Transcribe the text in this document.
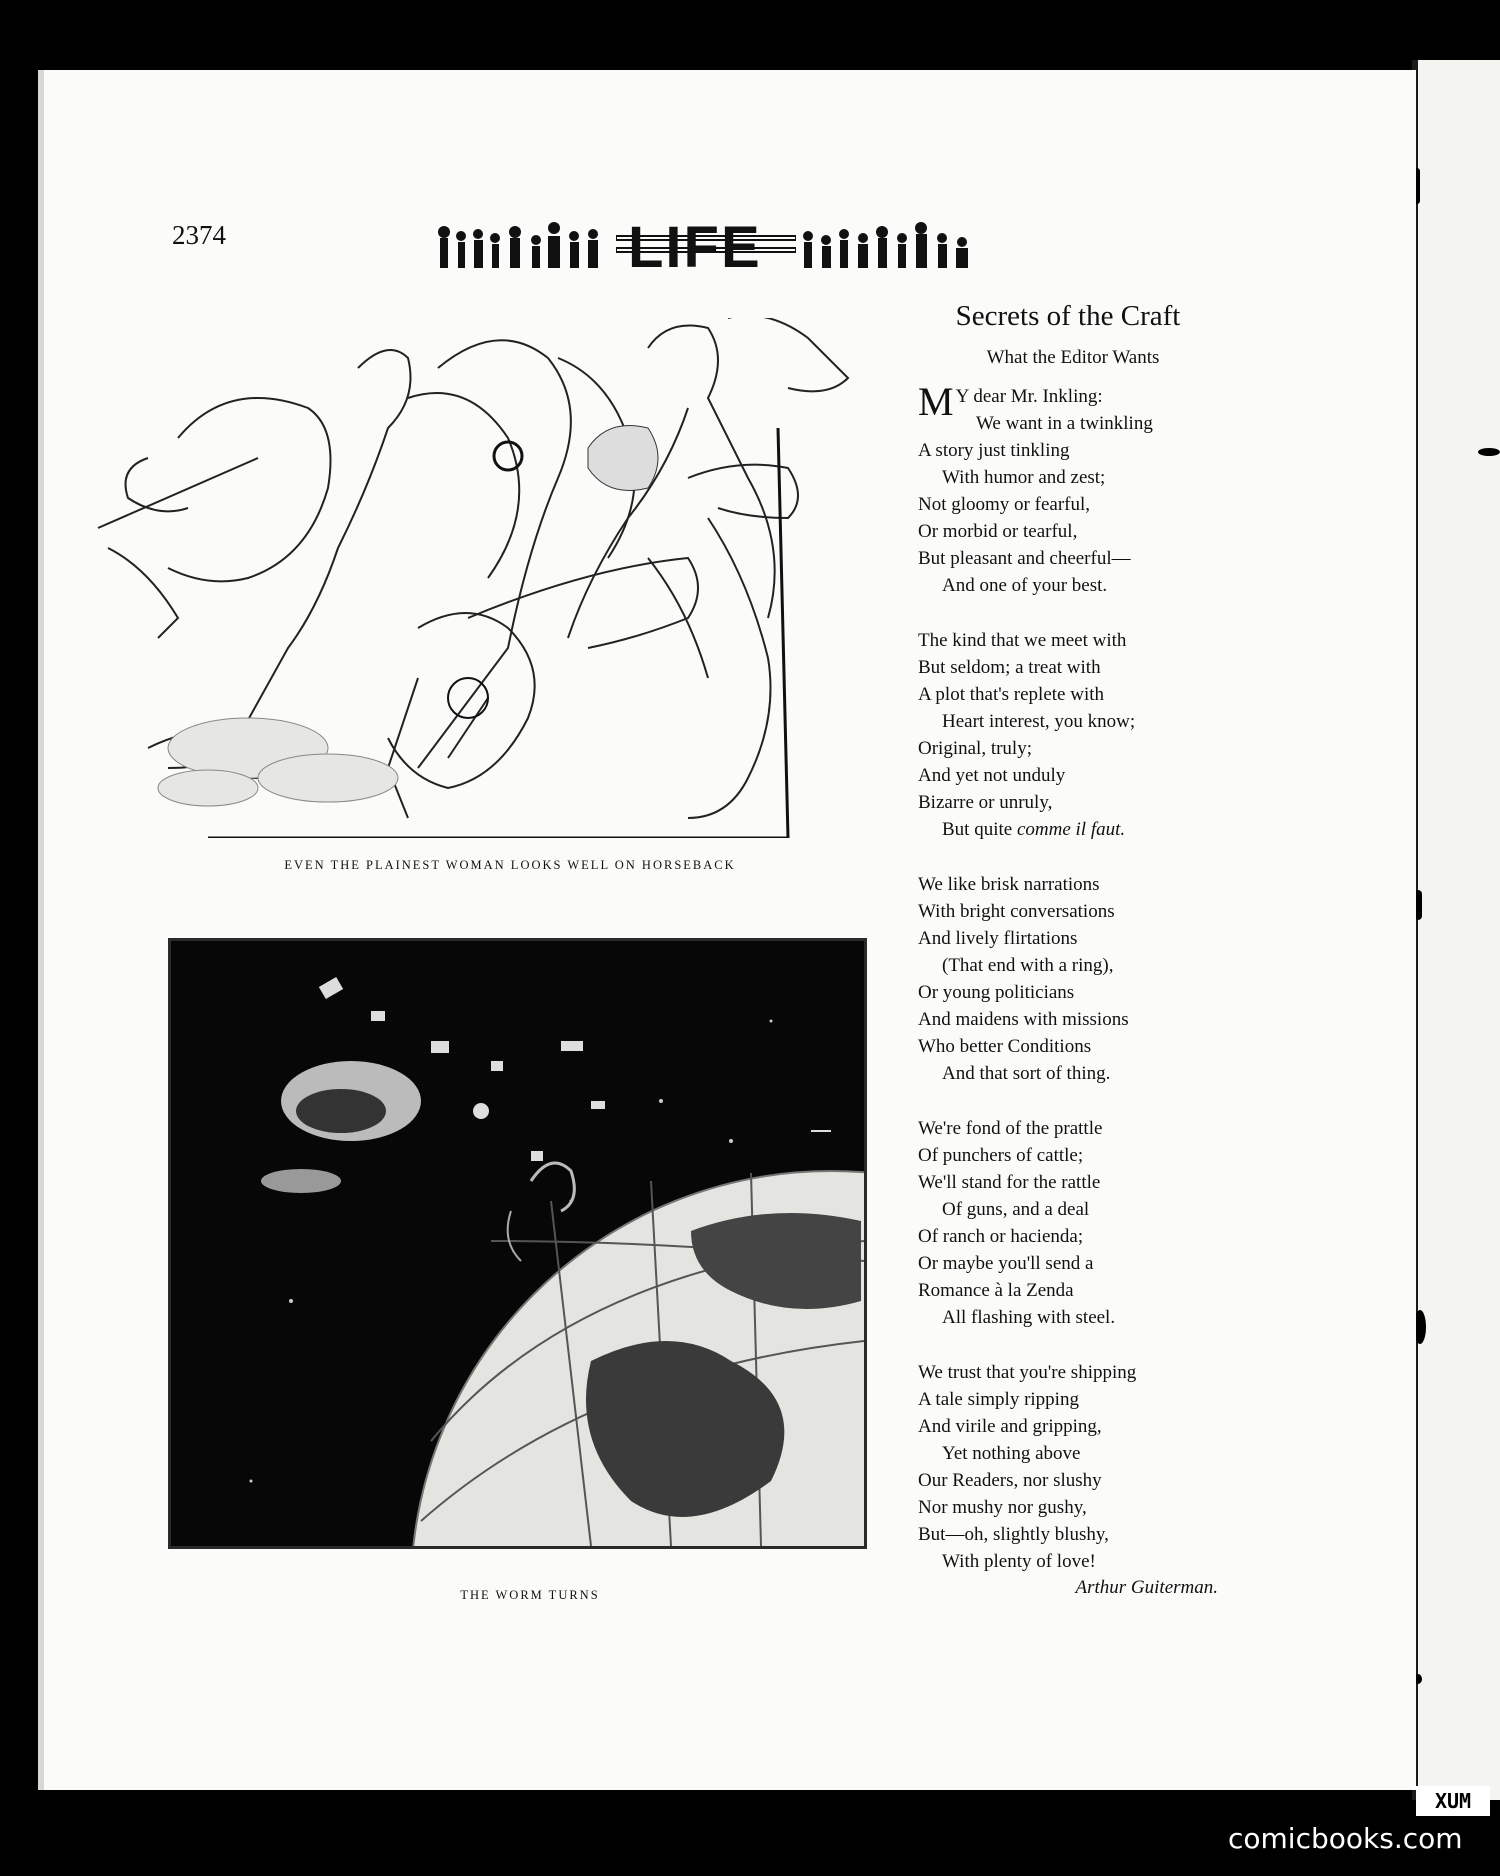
2374	LIFE
EVEN THE PLAINEST WOMAN LOOKS WELL ON HORSEBACK
THE WORM TURNS
Secrets of the Craft
What the Editor Wants
M Y dear Mr. Inkling:
We want in a twinkling
A story just tinkling
With humor and zest;
Not gloomy or fearful,
Or morbid or tearful,
But pleasant and cheerful—
And one of your best.
The kind that we meet with
But seldom; a treat with
A plot that's replete with
Heart interest, you know;
Original, truly;
And yet not unduly
Bizarre or unruly,
But quite comme il faut.
We like brisk narrations
With bright conversations
And lively flirtations
(That end with a ring),
Or young politicians
And maidens with missions
Who better Conditions
And that sort of thing.
We're fond of the prattle
Of punchers of cattle;
We'll stand for the rattle
Of guns, and a deal
Of ranch or hacienda;
Or maybe you'll send a
Romance à la Zenda
All flashing with steel.
We trust that you're shipping
A tale simply ripping
And virile and gripping,
Yet nothing above
Our Readers, nor slushy
Nor mushy nor gushy,
But—oh, slightly blushy,
With plenty of love!
Arthur Guiterman.
XUM
comicbooks.com
